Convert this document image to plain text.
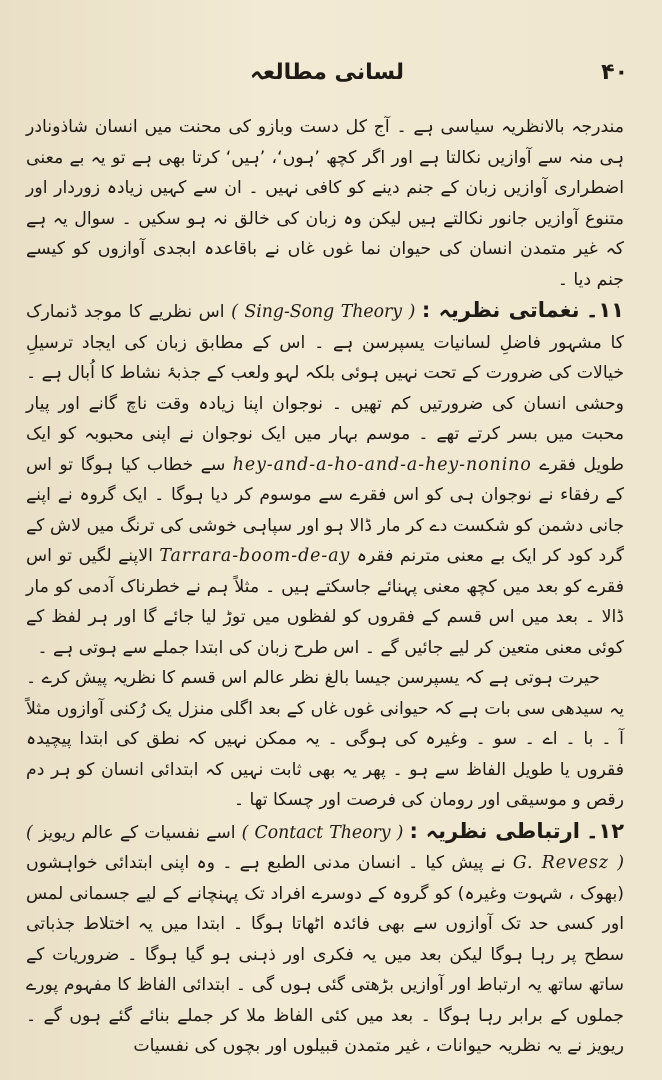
لسانی مطالعہ	۴۰

مندرجہ بالانظریہ سیاسی ہے ۔ آج کل دست وبازو کی محنت میں انسان شاذونادر ہی منہ سے آوازیں نکالتا ہے اور اگر کچھ ’ہوں‘، ’ہیں‘ کرتا بھی ہے تو یہ بے معنی اضطراری آوازیں زبان کے جنم دینے کو کافی نہیں ۔ ان سے کہیں زیادہ زوردار اور متنوع آوازیں جانور نکالتے ہیں لیکن وہ زبان کی خالق نہ ہو سکیں ۔ سوال یہ ہے کہ غیر متمدن انسان کی حیوان نما غوں غاں نے باقاعدہ ابجدی آوازوں کو کیسے جنم دیا ۔

۱۱۔ نغماتی نظریہ : ( Sing-Song Theory ) اس نظریے کا موجد ڈنمارک کا مشہور فاضلِ لسانیات یسپرسن ہے ۔ اس کے مطابق زبان کی ایجاد ترسیلِ خیالات کی ضرورت کے تحت نہیں ہوئی بلکہ لہو ولعب کے جذبۂ نشاط کا اُبال ہے ۔ وحشی انسان کی ضرورتیں کم تھیں ۔ نوجوان اپنا زیادہ وقت ناچ گانے اور پیار محبت میں بسر کرتے تھے ۔ موسم بہار میں ایک نوجوان نے اپنی محبوبہ کو ایک طویل فقرے hey-and-a-ho-and-a-hey-nonino سے خطاب کیا ہوگا تو اس کے رفقاء نے نوجوان ہی کو اس فقرے سے موسوم کر دیا ہوگا ۔ ایک گروہ نے اپنے جانی دشمن کو شکست دے کر مار ڈالا ہو اور سپاہی خوشی کی ترنگ میں لاش کے گرد کود کر ایک بے معنی مترنم فقرہ Tarrara-boom-de-ay الاپنے لگیں تو اس فقرے کو بعد میں کچھ معنی پہنائے جاسکتے ہیں ۔ مثلاً ہم نے خطرناک آدمی کو مار ڈالا ۔ بعد میں اس قسم کے فقروں کو لفظوں میں توڑ لیا جائے گا اور ہر لفظ کے کوئی معنی متعین کر لیے جائیں گے ۔ اس طرح زبان کی ابتدا جملے سے ہوتی ہے ۔

حیرت ہوتی ہے کہ یسپرسن جیسا بالغ نظر عالم اس قسم کا نظریہ پیش کرے ۔ یہ سیدھی سی بات ہے کہ حیوانی غوں غاں کے بعد اگلی منزل یک رُکنی آوازوں مثلاً آ ۔ با ۔ اے ۔ سو ۔ وغیرہ کی ہوگی ۔ یہ ممکن نہیں کہ نطق کی ابتدا پیچیدہ فقروں یا طویل الفاظ سے ہو ۔ پھر یہ بھی ثابت نہیں کہ ابتدائی انسان کو ہر دم رقص و موسیقی اور رومان کی فرصت اور چسکا تھا ۔

۱۲۔ ارتباطی نظریہ : ( Contact Theory ) اسے نفسیات کے عالم ریویز ( G. Revesz ) نے پیش کیا ۔ انسان مدنی الطبع ہے ۔ وہ اپنی ابتدائی خواہشوں (بھوک ، شہوت وغیرہ) کو گروہ کے دوسرے افراد تک پہنچانے کے لیے جسمانی لمس اور کسی حد تک آوازوں سے بھی فائدہ اٹھاتا ہوگا ۔ ابتدا میں یہ اختلاط جذباتی سطح پر رہا ہوگا لیکن بعد میں یہ فکری اور ذہنی ہو گیا ہوگا ۔ ضروریات کے ساتھ ساتھ یہ ارتباط اور آوازیں بڑھتی گئی ہوں گی ۔ ابتدائی الفاظ کا مفہوم پورے جملوں کے برابر رہا ہوگا ۔ بعد میں کئی الفاظ ملا کر جملے بنائے گئے ہوں گے ۔ ریویز نے یہ نظریہ حیوانات ، غیر متمدن قبیلوں اور بچوں کی نفسیات
